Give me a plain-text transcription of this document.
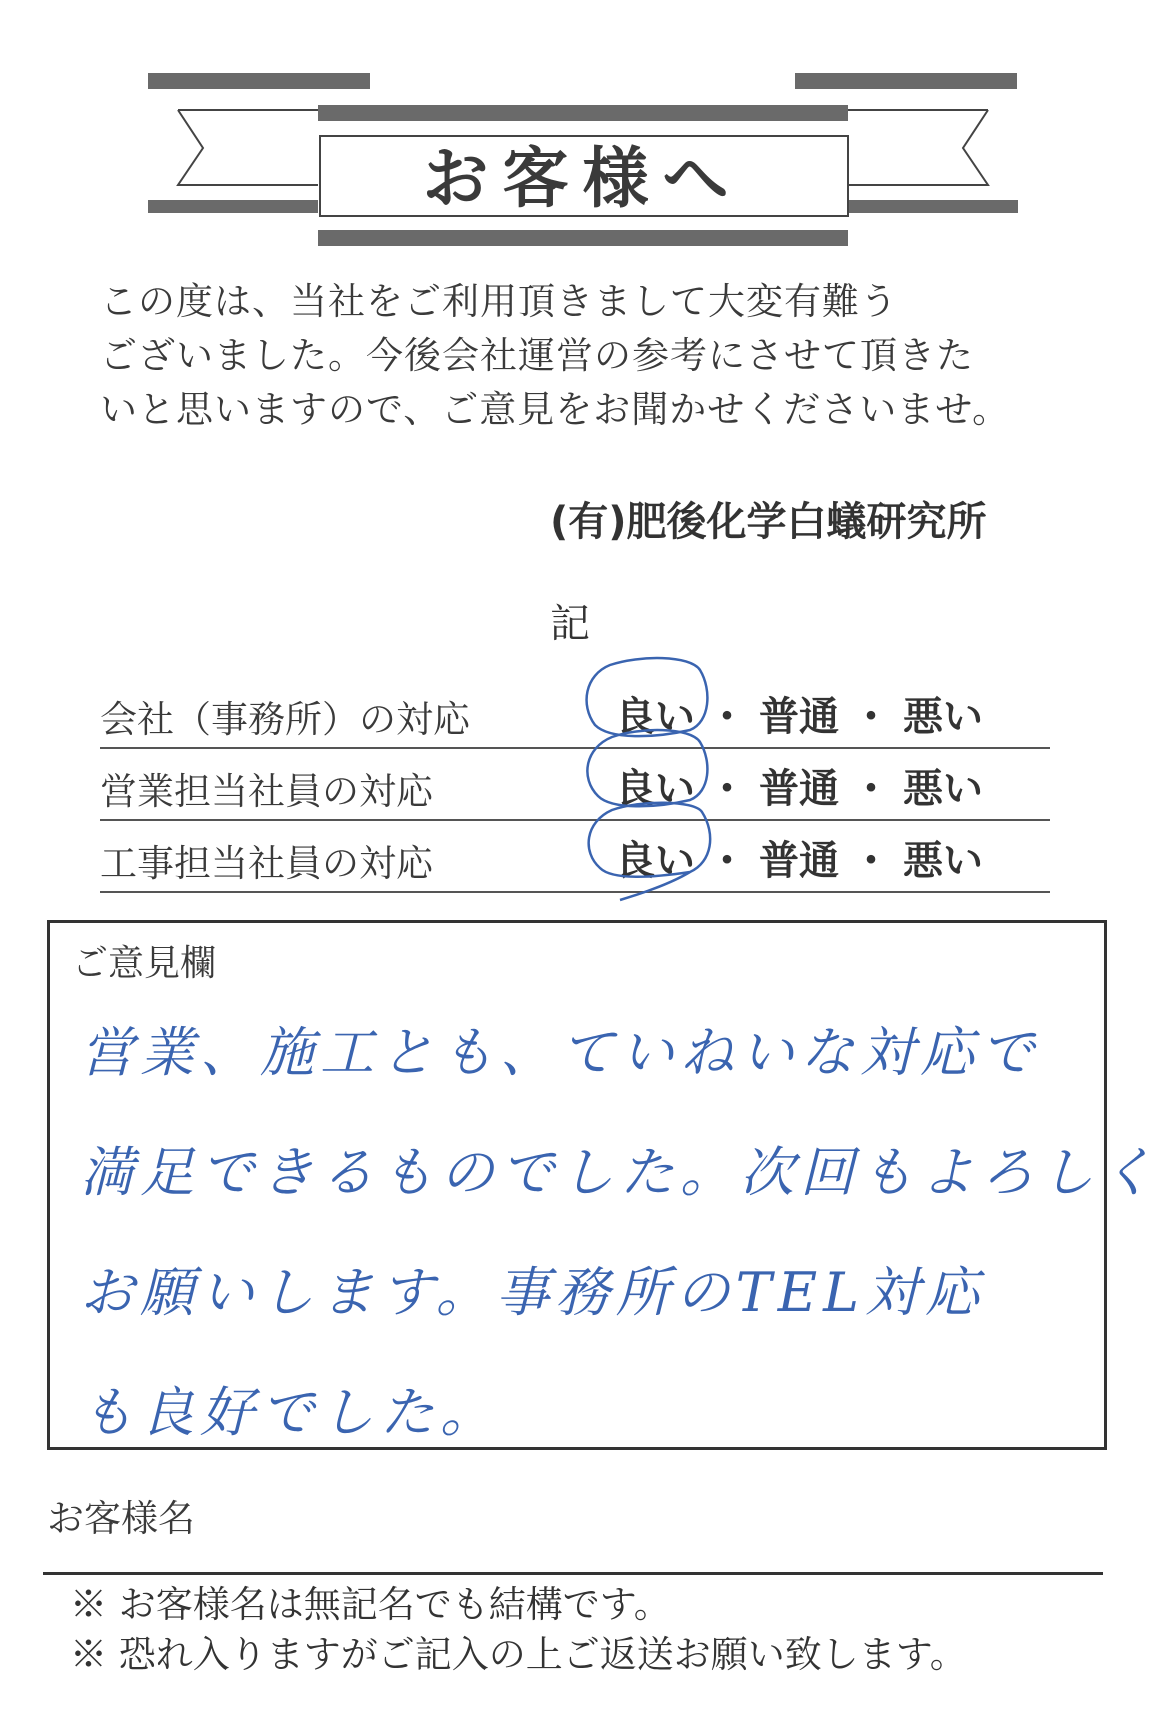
お客様へ
この度は、当社をご利用頂きまして大変有難う
ございました。今後会社運営の参考にさせて頂きた
いと思いますので、ご意見をお聞かせくださいませ。
(有)肥後化学白蟻研究所
記
会社（事務所）の対応	良い ・ 普通 ・ 悪い
営業担当社員の対応	良い ・ 普通 ・ 悪い
工事担当社員の対応	良い ・ 普通 ・ 悪い
ご意見欄
営業、施工とも、ていねいな対応で
満足できるものでした。次回もよろしく
お願いします。事務所のTEL対応
も良好でした。
お客様名
※ お客様名は無記名でも結構です。
※ 恐れ入りますがご記入の上ご返送お願い致します。
